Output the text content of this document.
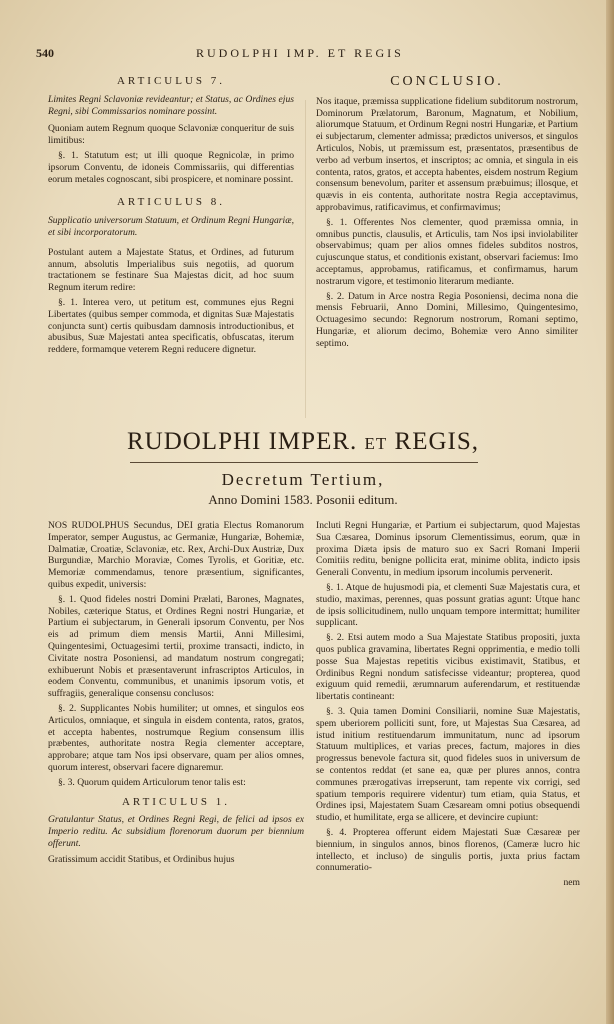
540	RUDOLPHI IMP. ET REGIS
ARTICULUS 7.

Limites Regni Sclavoniæ revideantur; et Status, ac Ordines ejus Regni, sibi Commissarios nominare possint.

Quoniam autem Regnum quoque Sclavoniæ conqueritur de suis limitibus:

§. 1. Statutum est; ut illi quoque Regnicolæ, in primo ipsorum Conventu, de idoneis Commissariis, qui differentias eorum metales cognoscant, sibi prospicere, et nominare possint.

ARTICULUS 8.

Supplicatio universorum Statuum, et Ordinum Regni Hungariæ, et sibi incorporatorum.

Postulant autem a Majestate Status, et Ordines, ad futurum annum, absolutis Imperialibus suis negotiis, ad quorum tractationem se festinare Sua Majestas dicit, ad hoc suum Regnum iterum redire:

§. 1. Interea vero, ut petitum est, communes ejus Regni Libertates (quibus semper commoda, et dignitas Suæ Majestatis conjuncta sunt) certis quibusdam damnosis introductionibus, et abusibus, Suæ Majestati antea specificatis, obfuscatas, iterum reddere, formamque veterem Regni reducere dignetur.

CONCLUSIO.

Nos itaque, præmissa supplicatione fidelium subditorum nostrorum, Dominorum Prælatorum, Baronum, Magnatum, et Nobilium, aliorumque Statuum, et Ordinum Regni nostri Hungariæ, et Partium ei subjectarum, clementer admissa; prædictos universos, et singulos Articulos, Nobis, ut præmissum est, præsentatos, præsentibus de verbo ad verbum insertos, et inscriptos; ac omnia, et singula in eis contenta, ratos, gratos, et accepta habentes, eisdem nostrum Regium consensum benevolum, pariter et assensum præbuimus; illosque, et quævis in eis contenta, authoritate nostra Regia acceptavimus, approbavimus, ratificavimus, et confirmavimus;

§. 1. Offerentes Nos clementer, quod præmissa omnia, in omnibus punctis, clausulis, et Articulis, tam Nos ipsi inviolabiliter observabimus; quam per alios omnes fideles subditos nostros, cujuscunque status, et conditionis existant, observari faciemus: Imo acceptamus, approbamus, ratificamus, et confirmamus, harum nostrarum vigore, et testimonio literarum mediante.

§. 2. Datum in Arce nostra Regia Posoniensi, decima nona die mensis Februarii, Anno Domini, Millesimo, Quingentesimo, Octuagesimo secundo: Regnorum nostrorum, Romani septimo, Hungariæ, et aliorum decimo, Bohemiæ vero Anno similiter septimo.

RUDOLPHI IMPER. ET REGIS,
Decretum Tertium,
Anno Domini 1583. Posonii editum.

NOS RUDOLPHUS Secundus, DEI gratia Electus Romanorum Imperator, semper Augustus, ac Germaniæ, Hungariæ, Bohemiæ, Dalmatiæ, Croatiæ, Sclavoniæ, etc. Rex, Archi-Dux Austriæ, Dux Burgundiæ, Marchio Moraviæ, Comes Tyrolis, et Goritiæ, etc. Memoriæ commendamus, tenore præsentium, significantes, quibus expedit, universis:

§. 1. Quod fideles nostri Domini Prælati, Barones, Magnates, Nobiles, cæterique Status, et Ordines Regni nostri Hungariæ, et Partium ei subjectarum, in Generali ipsorum Conventu, per Nos eis ad primum diem mensis Martii, Anni Millesimi, Quingentesimi, Octuagesimi tertii, proxime transacti, indicto, in Civitate nostra Posoniensi, ad mandatum nostrum congregati; exhibuerunt Nobis et præsentaverunt infrascriptos Articulos, in eodem Conventu, communibus, et unanimis ipsorum votis, et suffragiis, generalique consensu conclusos:

§. 2. Supplicantes Nobis humiliter; ut omnes, et singulos eos Articulos, omniaque, et singula in eisdem contenta, ratos, gratos, et accepta habentes, nostrumque Regium consensum illis præbentes, authoritate nostra Regia clementer acceptare, approbare; atque tam Nos ipsi observare, quam per alios omnes, quorum interest, observari facere dignaremur.

§. 3. Quorum quidem Articulorum tenor talis est:

ARTICULUS 1.

Gratulantur Status, et Ordines Regni Regi, de felici ad ipsos ex Imperio reditu. Ac subsidium florenorum duorum per biennium offerunt.

Gratissimum accidit Statibus, et Ordinibus hujus

Incluti Regni Hungariæ, et Partium ei subjectarum, quod Majestas Sua Cæsarea, Dominus ipsorum Clementissimus, eorum, quæ in proxima Diæta ipsis de maturo suo ex Sacri Romani Imperii Comitiis reditu, benigne pollicita erat, minime oblita, indicto ipsis Generali Conventu, in medium ipsorum incolumis pervenerit.

§. 1. Atque de hujusmodi pia, et clementi Suæ Majestatis cura, et studio, maximas, perennes, quas possunt gratias agunt: Utque hanc de ipsis sollicitudinem, nullo unquam tempore intermittat; humiliter supplicant.

§. 2. Etsi autem modo a Sua Majestate Statibus propositi, juxta quos publica gravamina, libertates Regni opprimentia, e medio tolli posse Sua Majestas repetitis vicibus existimavit, Statibus, et Ordinibus Regni nondum satisfecisse videantur; propterea, quod exiguum quid remedii, ærumnarum auferendarum, et restituendæ libertatis contineant:

§. 3. Quia tamen Domini Consiliarii, nomine Suæ Majestatis, spem uberiorem polliciti sunt, fore, ut Majestas Sua Cæsarea, ad istud initium restituendarum immunitatum, nunc ad ipsorum Statuum multiplices, et varias preces, factum, majores in dies progressus benevole factura sit, quod fideles suos in universum de se contentos reddat (et sane ea, quæ per plures annos, contra communes prærogativas irrepserunt, tam repente vix corrigi, sed spatium temporis requirere videntur) tum etiam, quia Status, et Ordines ipsi, Majestatem Suam Cæsaream omni potius obsequendi studio, et humilitate, erga se allicere, et devincire cupiunt:

§. 4. Propterea offerunt eidem Majestati Suæ Cæsareæ per biennium, in singulos annos, binos florenos, (Cameræ lucro hic intellecto, et incluso) de singulis portis, juxta prius factam connumeratio-

nem
